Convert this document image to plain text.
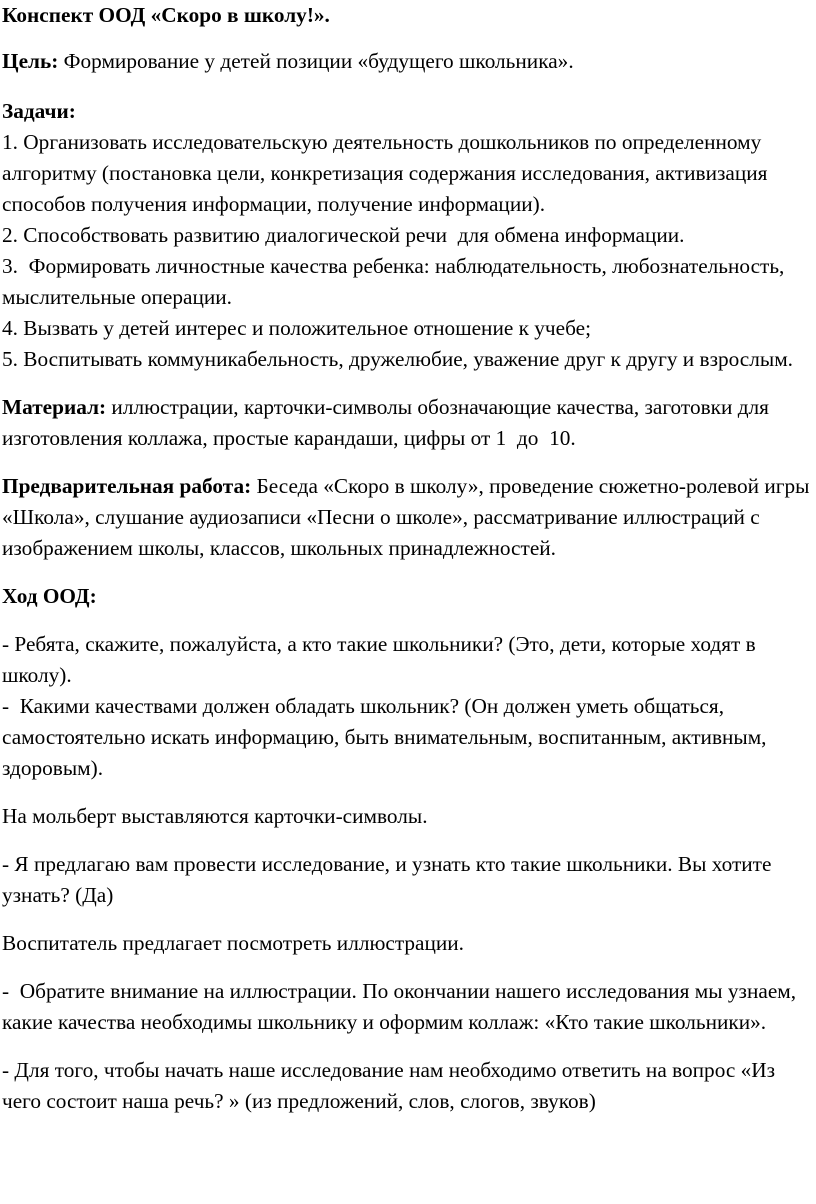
Конспект ООД «Скоро в школу!».

Цель: Формирование у детей позиции «будущего школьника».

Задачи:

1. Организовать исследовательскую деятельность дошкольников по определенному алгоритму (постановка цели, конкретизация содержания исследования, активизация способов получения информации, получение информации).

2. Способствовать развитию диалогической речи  для обмена информации.

3.  Формировать личностные качества ребенка: наблюдательность, любознательность, мыслительные операции.

4. Вызвать у детей интерес и положительное отношение к учебе;

5. Воспитывать коммуникабельность, дружелюбие, уважение друг к другу и взрослым.

Материал: иллюстрации, карточки-символы обозначающие качества, заготовки для изготовления коллажа, простые карандаши, цифры от 1  до  10.

Предварительная работа: Беседа «Скоро в школу», проведение сюжетно-ролевой игры «Школа», слушание аудиозаписи «Песни о школе», рассматривание иллюстраций с изображением школы, классов, школьных принадлежностей.

Ход ООД:

- Ребята, скажите, пожалуйста, а кто такие школьники? (Это, дети, которые ходят в школу).
-  Какими качествами должен обладать школьник? (Он должен уметь общаться, самостоятельно искать информацию, быть внимательным, воспитанным, активным, здоровым).

На мольберт выставляются карточки-символы.

- Я предлагаю вам провести исследование, и узнать кто такие школьники. Вы хотите узнать? (Да)

Воспитатель предлагает посмотреть иллюстрации.

-  Обратите внимание на иллюстрации. По окончании нашего исследования мы узнаем, какие качества необходимы школьнику и оформим коллаж: «Кто такие школьники».

- Для того, чтобы начать наше исследование нам необходимо ответить на вопрос «Из чего состоит наша речь? » (из предложений, слов, слогов, звуков)
